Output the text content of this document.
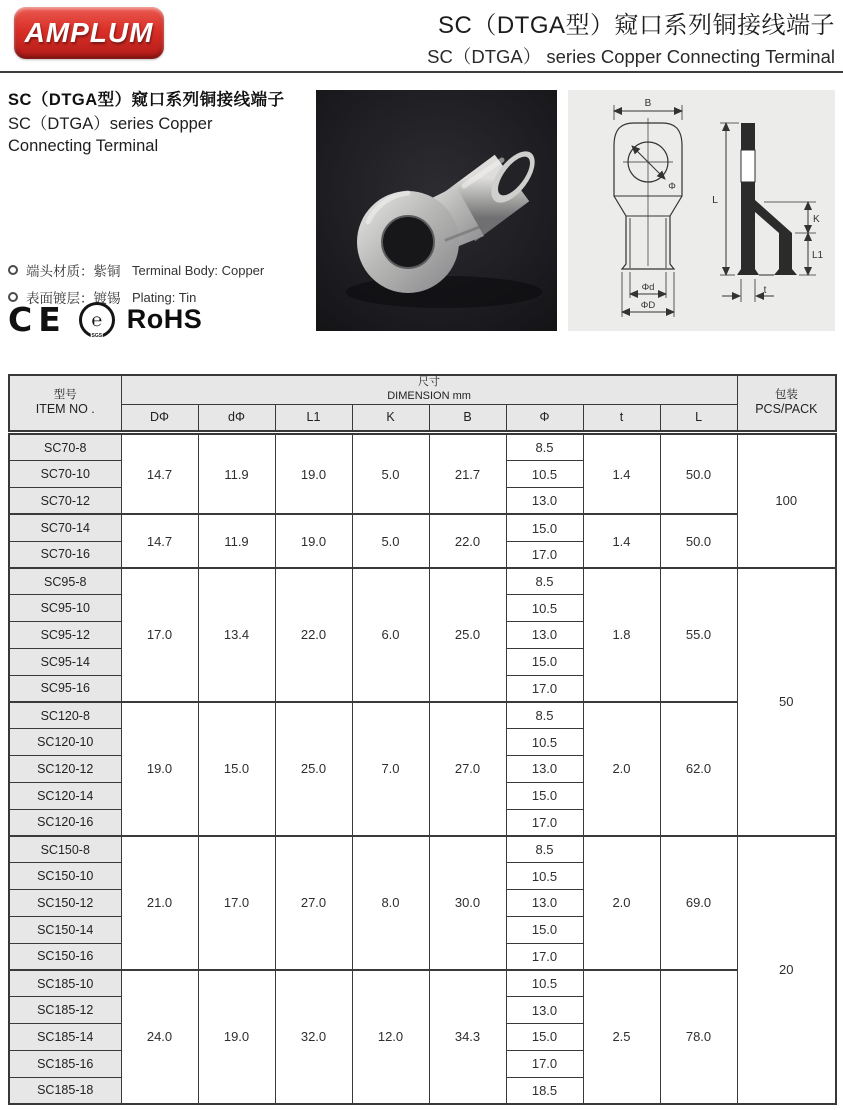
AMPLUM	SC（DTGA型）窥口系列铜接线端子
SC（DTGA） series Copper Connecting Terminal
SC（DTGA型）窥口系列铜接线端子
SC（DTGA）series Copper
Connecting Terminal
端头材质：紫铜 Terminal Body: Copper
表面镀层：镀锡 Plating: Tin
CE ℮
SGS
RoHS
B
Φ
Φd
ΦD
L
K
L1
t
型号
ITEM NO .

尺寸
DIMENSION mm	包装
PCS/PACK

	DΦ	dΦ	L1	K	B	Φ	t	L	
SC70-8	14.7	11.9	19.0	5.0	21.7	8.5	1.4	50.0	100
SC70-10						10.5			
SC70-12						13.0			
SC70-14	14.7	11.9	19.0	5.0	22.0	15.0	1.4	50.0	
SC70-16						17.0			
SC95-8	17.0	13.4	22.0	6.0	25.0	8.5	1.8	55.0	50
SC95-10						10.5			
SC95-12						13.0			
SC95-14						15.0			
SC95-16						17.0			
SC120-8	19.0	15.0	25.0	7.0	27.0	8.5	2.0	62.0	
SC120-10						10.5			
SC120-12						13.0			
SC120-14						15.0			
SC120-16						17.0			
SC150-8	21.0	17.0	27.0	8.0	30.0	8.5	2.0	69.0	20
SC150-10						10.5			
SC150-12						13.0			
SC150-14						15.0			
SC150-16						17.0			
SC185-10	24.0	19.0	32.0	12.0	34.3	10.5	2.5	78.0	
SC185-12						13.0			
SC185-14						15.0			
SC185-16						17.0			
SC185-18						18.5			
